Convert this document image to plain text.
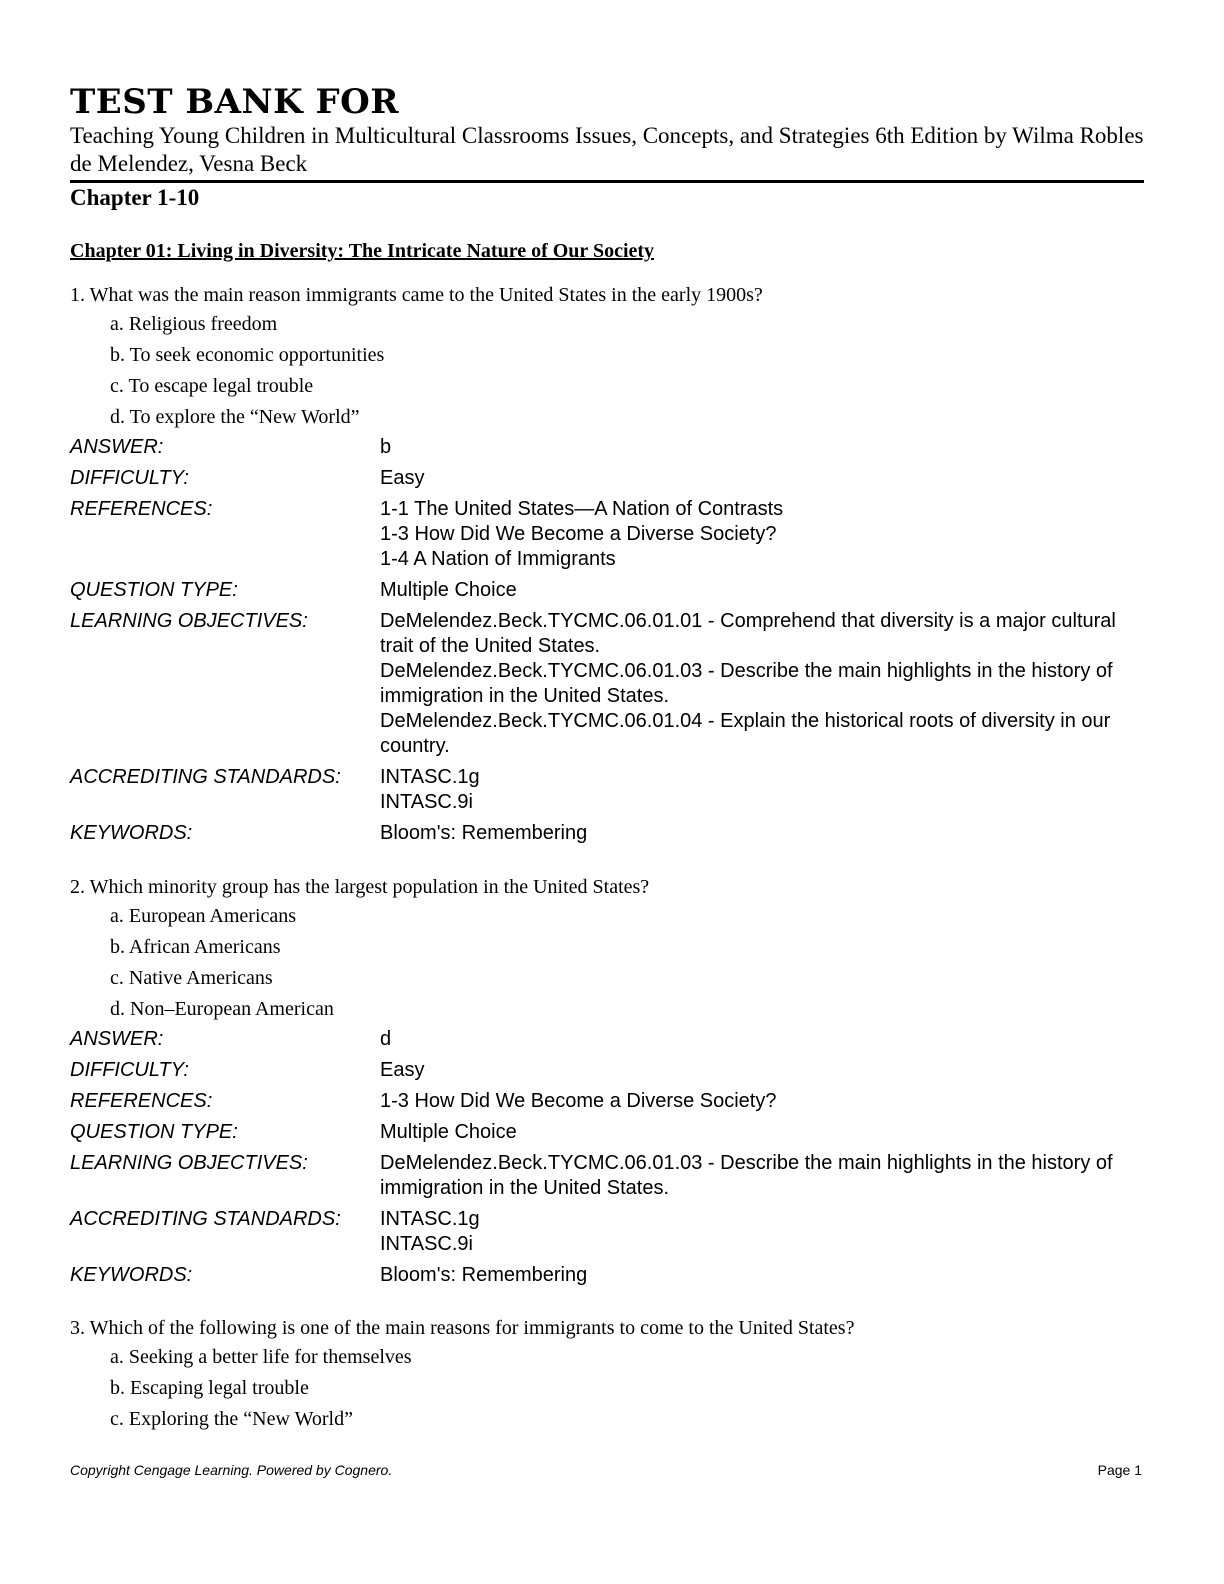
TEST BANK FOR
Teaching Young Children in Multicultural Classrooms Issues, Concepts, and Strategies 6th Edition by Wilma Robles de Melendez, Vesna Beck
Chapter 1-10
Chapter 01: Living in Diversity: The Intricate Nature of Our Society
1. What was the main reason immigrants came to the United States in the early 1900s?
a. Religious freedom
b. To seek economic opportunities
c. To escape legal trouble
d. To explore the “New World”
ANSWER:	b
DIFFICULTY:	Easy
REFERENCES:	1-1 The United States—A Nation of Contrasts
1-3 How Did We Become a Diverse Society?
1-4 A Nation of Immigrants
QUESTION TYPE:	Multiple Choice
LEARNING OBJECTIVES:	DeMelendez.Beck.TYCMC.06.01.01 - Comprehend that diversity is a major cultural trait of the United States.
DeMelendez.Beck.TYCMC.06.01.03 - Describe the main highlights in the history of immigration in the United States.
DeMelendez.Beck.TYCMC.06.01.04 - Explain the historical roots of diversity in our country.
ACCREDITING STANDARDS:	INTASC.1g
INTASC.9i
KEYWORDS:	Bloom's: Remembering
2. Which minority group has the largest population in the United States?
a. European Americans
b. African Americans
c. Native Americans
d. Non–European American
ANSWER:	d
DIFFICULTY:	Easy
REFERENCES:	1-3 How Did We Become a Diverse Society?
QUESTION TYPE:	Multiple Choice
LEARNING OBJECTIVES:	DeMelendez.Beck.TYCMC.06.01.03 - Describe the main highlights in the history of immigration in the United States.
ACCREDITING STANDARDS:	INTASC.1g
INTASC.9i
KEYWORDS:	Bloom's: Remembering
3. Which of the following is one of the main reasons for immigrants to come to the United States?
a. Seeking a better life for themselves
b. Escaping legal trouble
c. Exploring the “New World”
Copyright Cengage Learning. Powered by Cognero.	Page 1
